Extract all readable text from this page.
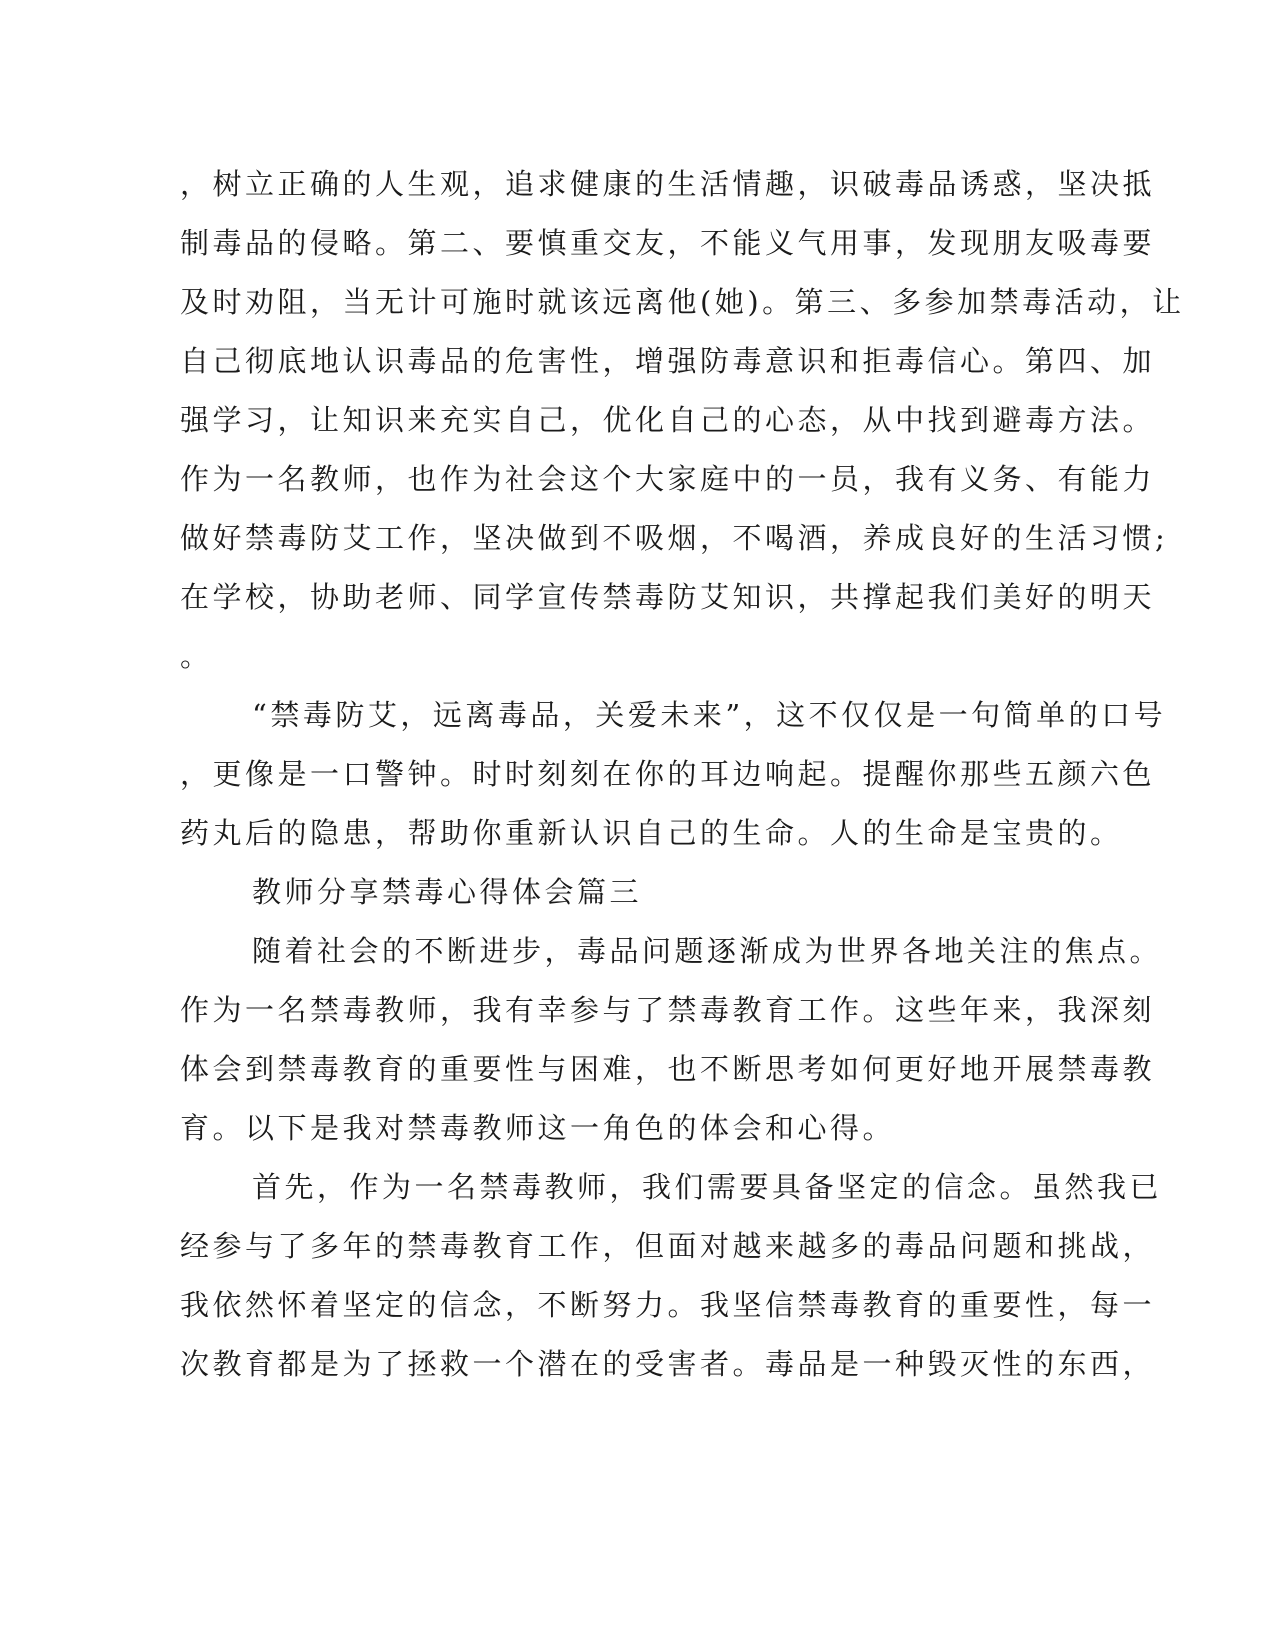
，树立正确的人生观，追求健康的生活情趣，识破毒品诱惑，坚决抵
制毒品的侵略。第二、要慎重交友，不能义气用事，发现朋友吸毒要
及时劝阻，当无计可施时就该远离他(她)。第三、多参加禁毒活动，让
自己彻底地认识毒品的危害性，增强防毒意识和拒毒信心。第四、加
强学习，让知识来充实自己，优化自己的心态，从中找到避毒方法。
作为一名教师，也作为社会这个大家庭中的一员，我有义务、有能力
做好禁毒防艾工作，坚决做到不吸烟，不喝酒，养成良好的生活习惯;
在学校，协助老师、同学宣传禁毒防艾知识，共撑起我们美好的明天
。
“禁毒防艾，远离毒品，关爱未来”，这不仅仅是一句简单的口号
，更像是一口警钟。时时刻刻在你的耳边响起。提醒你那些五颜六色
药丸后的隐患，帮助你重新认识自己的生命。人的生命是宝贵的。
教师分享禁毒心得体会篇三
随着社会的不断进步，毒品问题逐渐成为世界各地关注的焦点。
作为一名禁毒教师，我有幸参与了禁毒教育工作。这些年来，我深刻
体会到禁毒教育的重要性与困难，也不断思考如何更好地开展禁毒教
育。以下是我对禁毒教师这一角色的体会和心得。
首先，作为一名禁毒教师，我们需要具备坚定的信念。虽然我已
经参与了多年的禁毒教育工作，但面对越来越多的毒品问题和挑战，
我依然怀着坚定的信念，不断努力。我坚信禁毒教育的重要性，每一
次教育都是为了拯救一个潜在的受害者。毒品是一种毁灭性的东西，
